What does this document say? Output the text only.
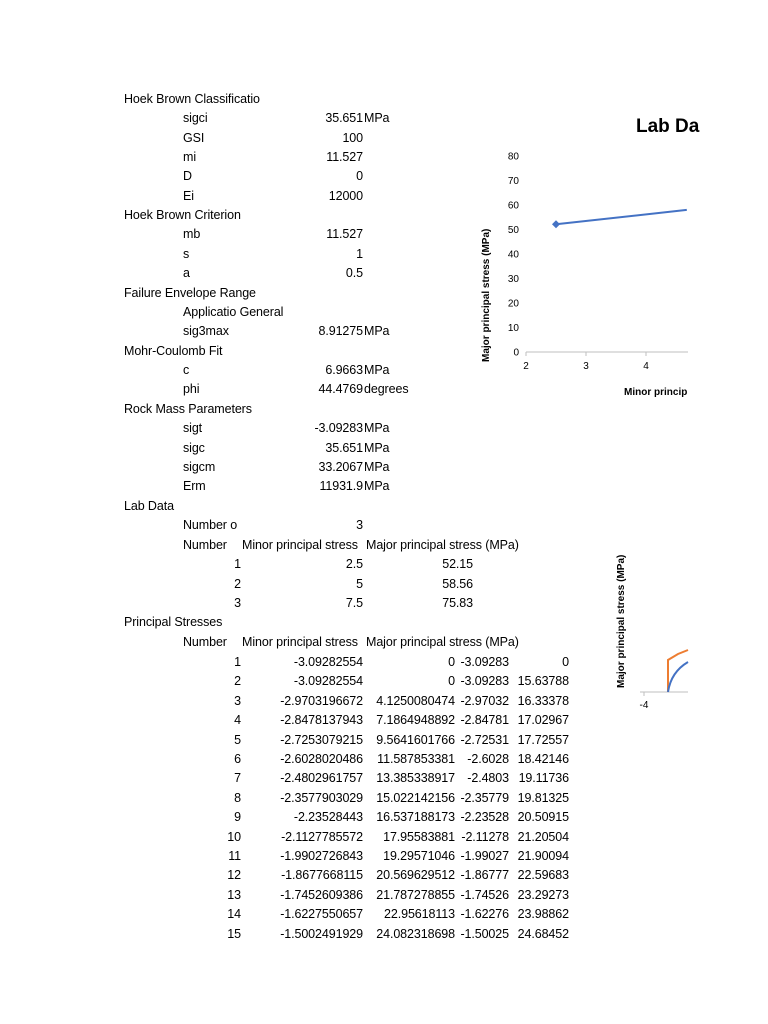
Hoek Brown Classificatio
Hoek Brown Criterion
Failure Envelope Range
Mohr-Coulomb Fit
Rock Mass Parameters
Lab Data
Principal Stresses
sigci	35.651 MPa
GSI	100
mi	11.527
D	0
Ei	12000
mb	11.527
s	1
a	0.5
Applicatio General
sig3max	8.91275 MPa
c	6.9663 MPa
phi	44.4769 degrees
sigt	-3.09283 MPa
sigc	35.651 MPa
sigcm	33.2067 MPa
Erm	11931.9 MPa
Number o	3
Number	Minor principal stress Major principal stress (MPa)
1	2.5	52.15
2	5	58.56
3	7.5	75.83
Number	Minor principal stress Major principal stress (MPa)
1	-3.09282554	0 -3.09283	0
2	-3.09282554	0 -3.09283 15.63788
3	-2.9703196672	4.1250080474 -2.97032 16.33378
4	-2.8478137943	7.1864948892 -2.84781 17.02967
5	-2.7253079215	9.5641601766 -2.72531 17.72557
6	-2.6028020486	11.587853381 -2.6028 18.42146
7	-2.4802961757	13.385338917 -2.4803 19.11736
8	-2.3577903029	15.022142156 -2.35779 19.81325
9	-2.23528443	16.537188173 -2.23528 20.50915
10	-2.1127785572	17.95583881 -2.11278 21.20504
11	-1.9902726843	19.29571046 -1.99027 21.90094
12	-1.8677668115	20.569629512 -1.86777 22.59683
13	-1.7452609386	21.787278855 -1.74526 23.29273
14	-1.6227550657	22.95618113 -1.62276 23.98862
15	-1.5002491929	24.082318698 -1.50025 24.68452
Lab Da
Major principal stress (MPa)
Minor princip
0
10
20
30
40
50
60
70
80
2	3	4
Major principal stress (MPa)
-4
